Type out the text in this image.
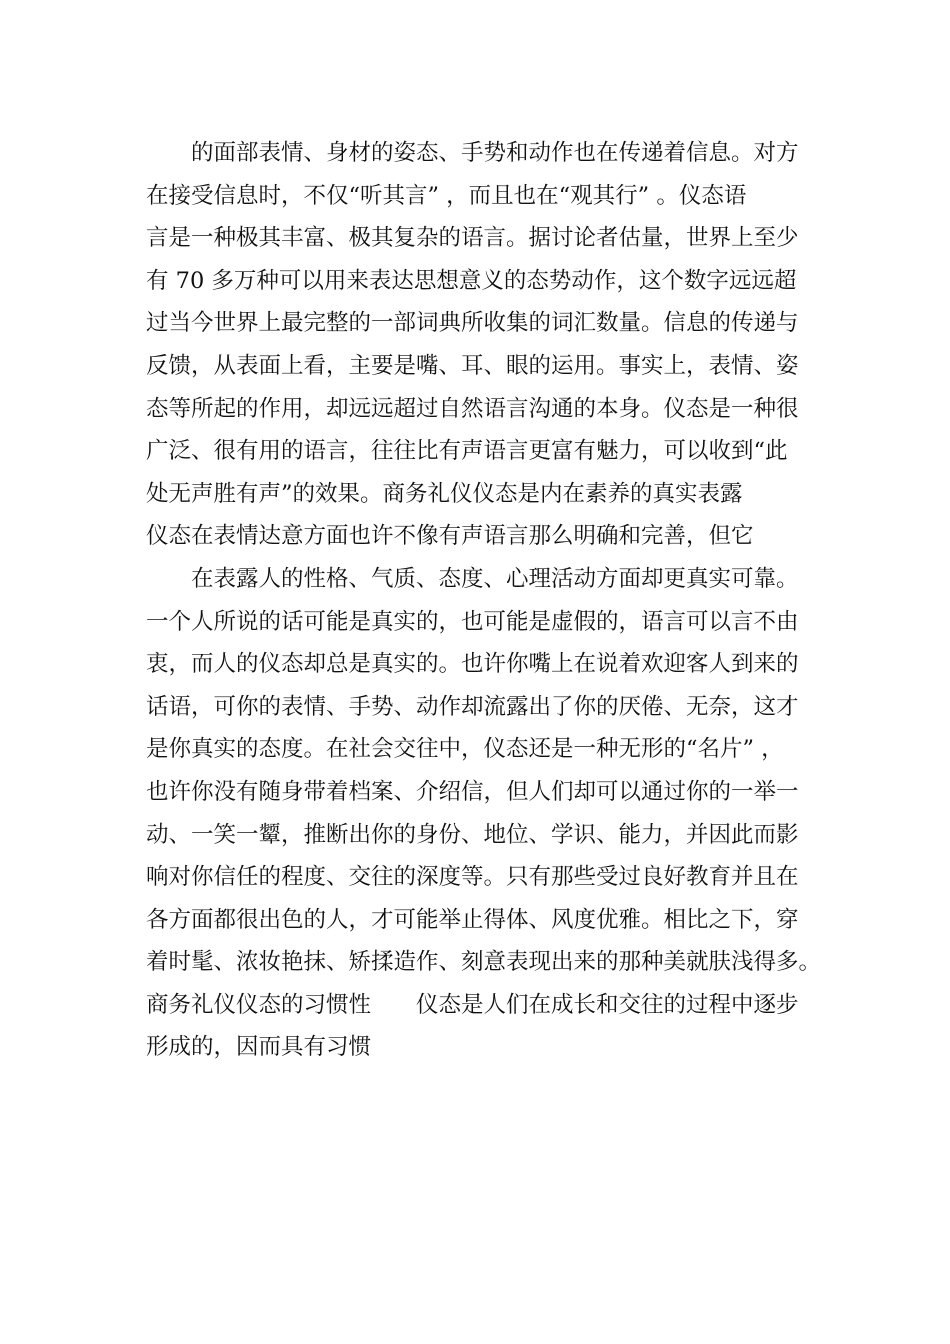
的面部表情、身材的姿态、手势和动作也在传递着信息。对方
在接受信息时，不仅“听其言” ，而且也在“观其行” 。仪态语
言是一种极其丰富、极其复杂的语言。据讨论者估量，世界上至少
有 70 多万种可以用来表达思想意义的态势动作，这个数字远远超
过当今世界上最完整的一部词典所收集的词汇数量。信息的传递与
反馈，从表面上看，主要是嘴、耳、眼的运用。事实上，表情、姿
态等所起的作用，却远远超过自然语言沟通的本身。仪态是一种很
广泛、很有用的语言，往往比有声语言更富有魅力，可以收到“此
处无声胜有声”的效果。商务礼仪仪态是内在素养的真实表露
仪态在表情达意方面也许不像有声语言那么明确和完善，但它
在表露人的性格、气质、态度、心理活动方面却更真实可靠。
一个人所说的话可能是真实的，也可能是虚假的，语言可以言不由
衷，而人的仪态却总是真实的。也许你嘴上在说着欢迎客人到来的
话语，可你的表情、手势、动作却流露出了你的厌倦、无奈，这才
是你真实的态度。在社会交往中，仪态还是一种无形的“名片” ，
也许你没有随身带着档案、介绍信，但人们却可以通过你的一举一
动、一笑一颦，推断出你的身份、地位、学识、能力，并因此而影
响对你信任的程度、交往的深度等。只有那些受过良好教育并且在
各方面都很出色的人，才可能举止得体、风度优雅。相比之下，穿
着时髦、浓妆艳抹、矫揉造作、刻意表现出来的那种美就肤浅得多。
商务礼仪仪态的习惯性　　仪态是人们在成长和交往的过程中逐步
形成的，因而具有习惯
